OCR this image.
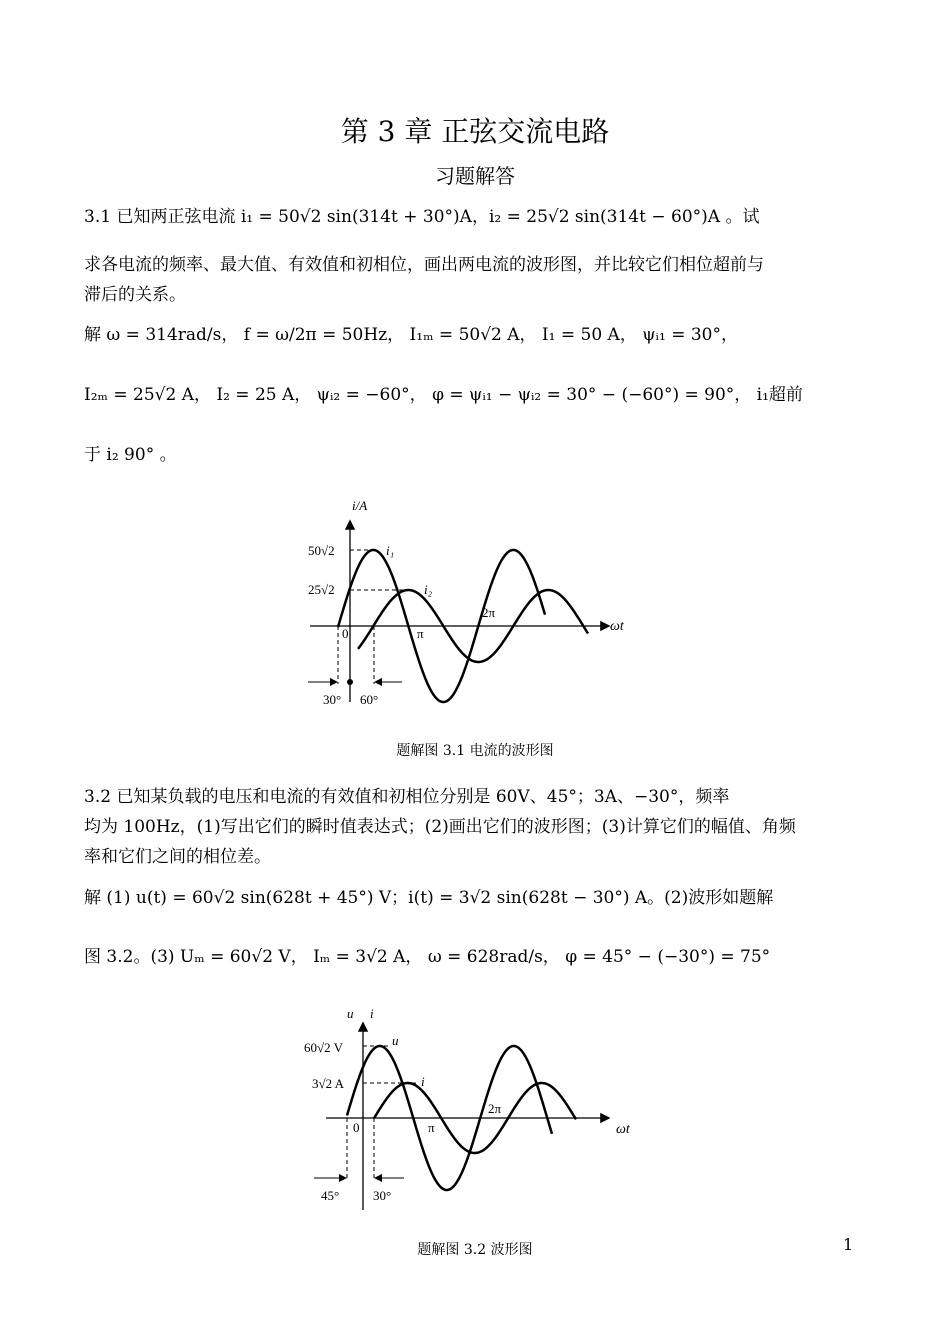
第 3 章 正弦交流电路
习题解答
3.1 已知两正弦电流 i₁ = 50√2 sin(314t + 30°)A，i₂ = 25√2 sin(314t − 60°)A 。试
求各电流的频率、最大值、有效值和初相位，画出两电流的波形图，并比较它们相位超前与
滞后的关系。
解 ω = 314rad/s， f = ω/2π = 50Hz， I₁ₘ = 50√2 A， I₁ = 50 A， ψᵢ₁ = 30°，
I₂ₘ = 25√2 A， I₂ = 25 A， ψᵢ₂ = −60°， φ = ψᵢ₁ − ψᵢ₂ = 30° − (−60°) = 90°， i₁超前
于 i₂ 90° 。
i/A
ωt
50√2
25√2
i₁
i₂
0	π
2π
30° 60°
题解图 3.1 电流的波形图
3.2 已知某负载的电压和电流的有效值和初相位分别是 60V、45°；3A、−30°，频率
均为 100Hz，(1)写出它们的瞬时值表达式；(2)画出它们的波形图；(3)计算它们的幅值、角频
率和它们之间的相位差。
解 (1) u(t) = 60√2 sin(628t + 45°) V；i(t) = 3√2 sin(628t − 30°) A。(2)波形如题解
图 3.2。(3) Uₘ = 60√2 V， Iₘ = 3√2 A， ω = 628rad/s， φ = 45° − (−30°) = 75°
u i
ωt
60√2 V
3√2 A
u
i
0	π
2π
45°	30°
题解图 3.2 波形图	1
